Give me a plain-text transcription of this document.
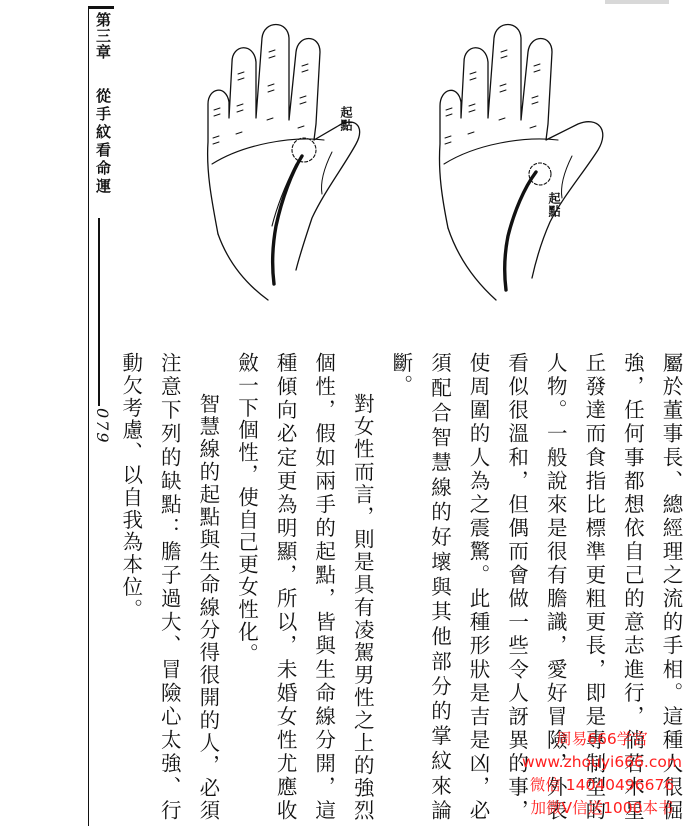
第三章
從手紋看命運
079
起點
起點

屬於董事長、總經理之流的手相。這種人很倔強，任何事都想依自己的意志進行，倘若木星丘發達而食指比標準更粗更長，即是專制型的人物。一般說來是很有膽識，愛好冒險，外表看似很溫和，但偶而會做一些令人訝異的事，使周圍的人為之震驚。此種形狀是吉是凶，必須配合智慧線的好壞與其他部分的掌紋來論斷。

對女性而言，則是具有凌駕男性之上的強烈個性，假如兩手的起點，皆與生命線分開，這種傾向必定更為明顯，所以，未婚女性尤應收斂一下個性，使自己更女性化。

智慧線的起點與生命線分得很開的人，必須注意下列的缺點：膽子過大、冒險心太強、行動欠考慮、以自我為本位。

周易666学宫
www.zhouyi666.com
微信 14040496676
加微V信送1000本书
